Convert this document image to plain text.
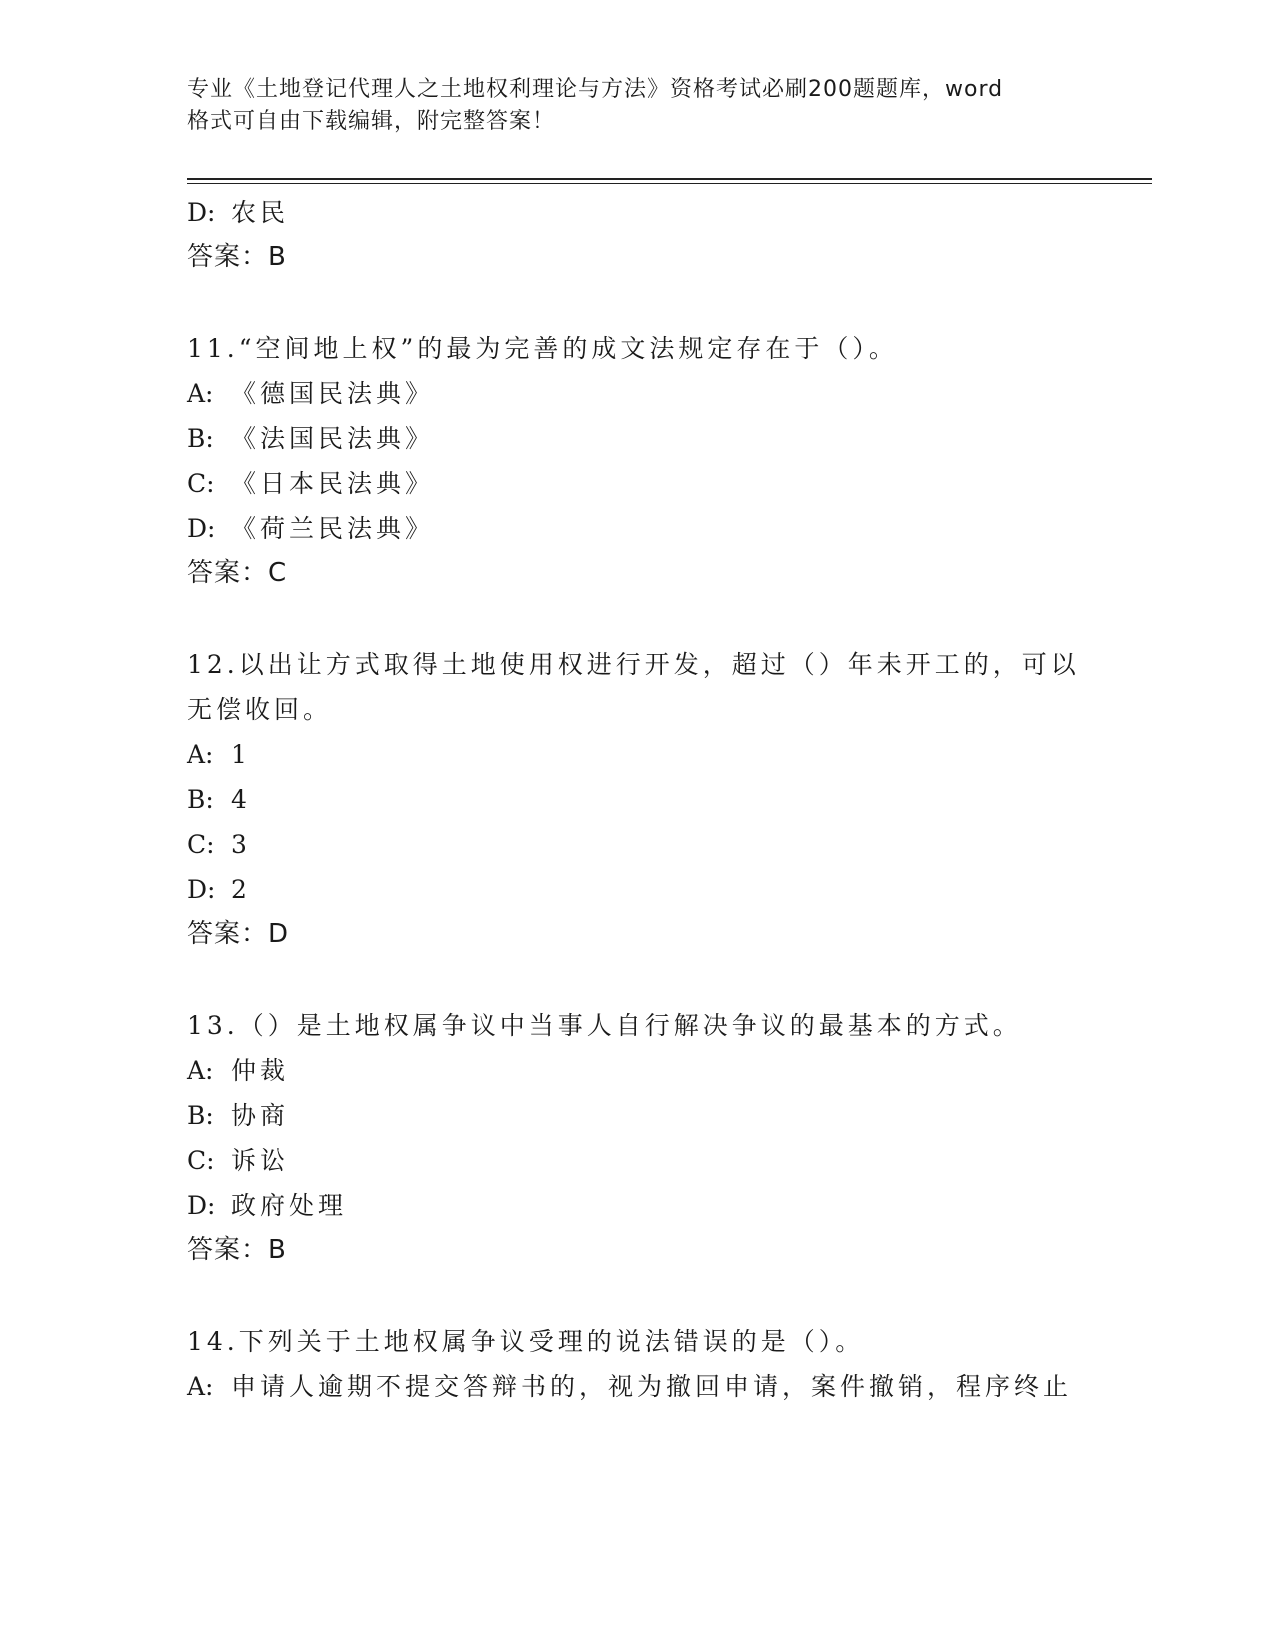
专业《土地登记代理人之土地权利理论与方法》资格考试必刷200题题库，word
格式可自由下载编辑，附完整答案！
D: 农民
答案：B
11.“空间地上权”的最为完善的成文法规定存在于（）。
A: 《德国民法典》
B: 《法国民法典》
C: 《日本民法典》
D: 《荷兰民法典》
答案：C
12.以出让方式取得土地使用权进行开发，超过（）年未开工的，可以
无偿收回。
A: 1
B: 4
C: 3
D: 2
答案：D
13.（）是土地权属争议中当事人自行解决争议的最基本的方式。
A: 仲裁
B: 协商
C: 诉讼
D: 政府处理
答案：B
14.下列关于土地权属争议受理的说法错误的是（）。
A: 申请人逾期不提交答辩书的，视为撤回申请，案件撤销，程序终止
